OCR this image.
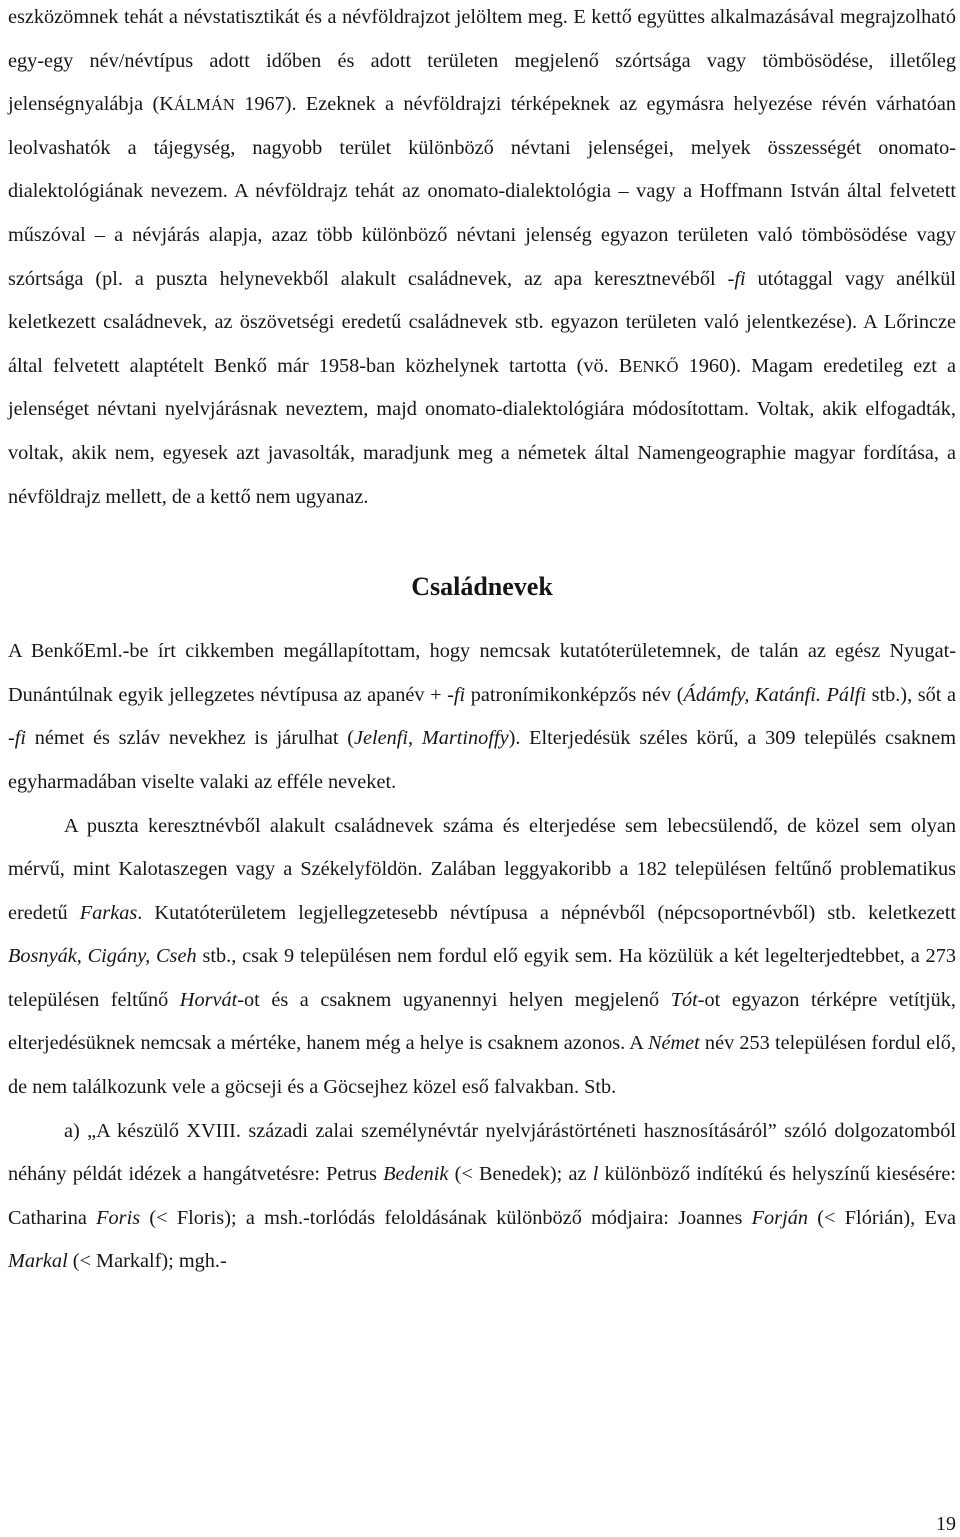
eszközömnek tehát a névstatisztikát és a névföldrajzot jelöltem meg. E kettő együttes alkalmazásával megrajzolható egy-egy név/névtípus adott időben és adott területen megjelenő szórtsága vagy tömbösödése, illetőleg jelenségnyalábja (KÁLMÁN 1967). Ezeknek a névföldrajzi térképeknek az egymásra helyezése révén várhatóan leolvashatók a tájegység, nagyobb terület különböző névtani jelenségei, melyek összességét onomato-dialektológiának nevezem. A névföldrajz tehát az onomato-dialektológia – vagy a Hoffmann István által felvetett műszóval – a névjárás alapja, azaz több különböző névtani jelenség egyazon területen való tömbösödése vagy szórtsága (pl. a puszta helynevekből alakult családnevek, az apa keresztnevéből -fi utótaggal vagy anélkül keletkezett családnevek, az öszövetségi eredetű családnevek stb. egyazon területen való jelentkezése). A Lőrincze által felvetett alaptételt Benkő már 1958-ban közhelynek tartotta (vö. BENKŐ 1960). Magam eredetileg ezt a jelenséget névtani nyelvjárásnak neveztem, majd onomato-dialektológiára módosítottam. Voltak, akik elfogadták, voltak, akik nem, egyesek azt javasolták, maradjunk meg a németek által Namengeographie magyar fordítása, a névföldrajz mellett, de a kettő nem ugyanaz.

Családnevek

A BenkőEml.-be írt cikkemben megállapítottam, hogy nemcsak kutatóterületemnek, de talán az egész Nyugat-Dunántúlnak egyik jellegzetes névtípusa az apanév + -fi patronímikonképzős név (Ádámfy, Katánfi. Pálfi stb.), sőt a -fi német és szláv nevekhez is járulhat (Jelenfi, Martinoffy). Elterjedésük széles körű, a 309 település csaknem egyharmadában viselte valaki az efféle neveket.

A puszta keresztnévből alakult családnevek száma és elterjedése sem lebecsülendő, de közel sem olyan mérvű, mint Kalotaszegen vagy a Székelyföldön. Zalában leggyakoribb a 182 településen feltűnő problematikus eredetű Farkas. Kutatóterületem legjellegzetesebb névtípusa a népnévből (népcsoportnévből) stb. keletkezett Bosnyák, Cigány, Cseh stb., csak 9 településen nem fordul elő egyik sem. Ha közülük a két legelterjedtebbet, a 273 településen feltűnő Horvát-ot és a csaknem ugyanennyi helyen megjelenő Tót-ot egyazon térképre vetítjük, elterjedésüknek nemcsak a mértéke, hanem még a helye is csaknem azonos. A Német név 253 településen fordul elő, de nem találkozunk vele a göcseji és a Göcsejhez közel eső falvakban. Stb.

a) „A készülő XVIII. századi zalai személynévtár nyelvjárástörténeti hasznosításáról” szóló dolgozatomból néhány példát idézek a hangátvetésre: Petrus Bedenik (< Benedek); az l különböző indítékú és helyszínű kiesésére: Catharina Foris (< Floris); a msh.-torlódás feloldásának különböző módjaira: Joannes Forján (< Flórián), Eva Markal (< Markalf); mgh.-

19
